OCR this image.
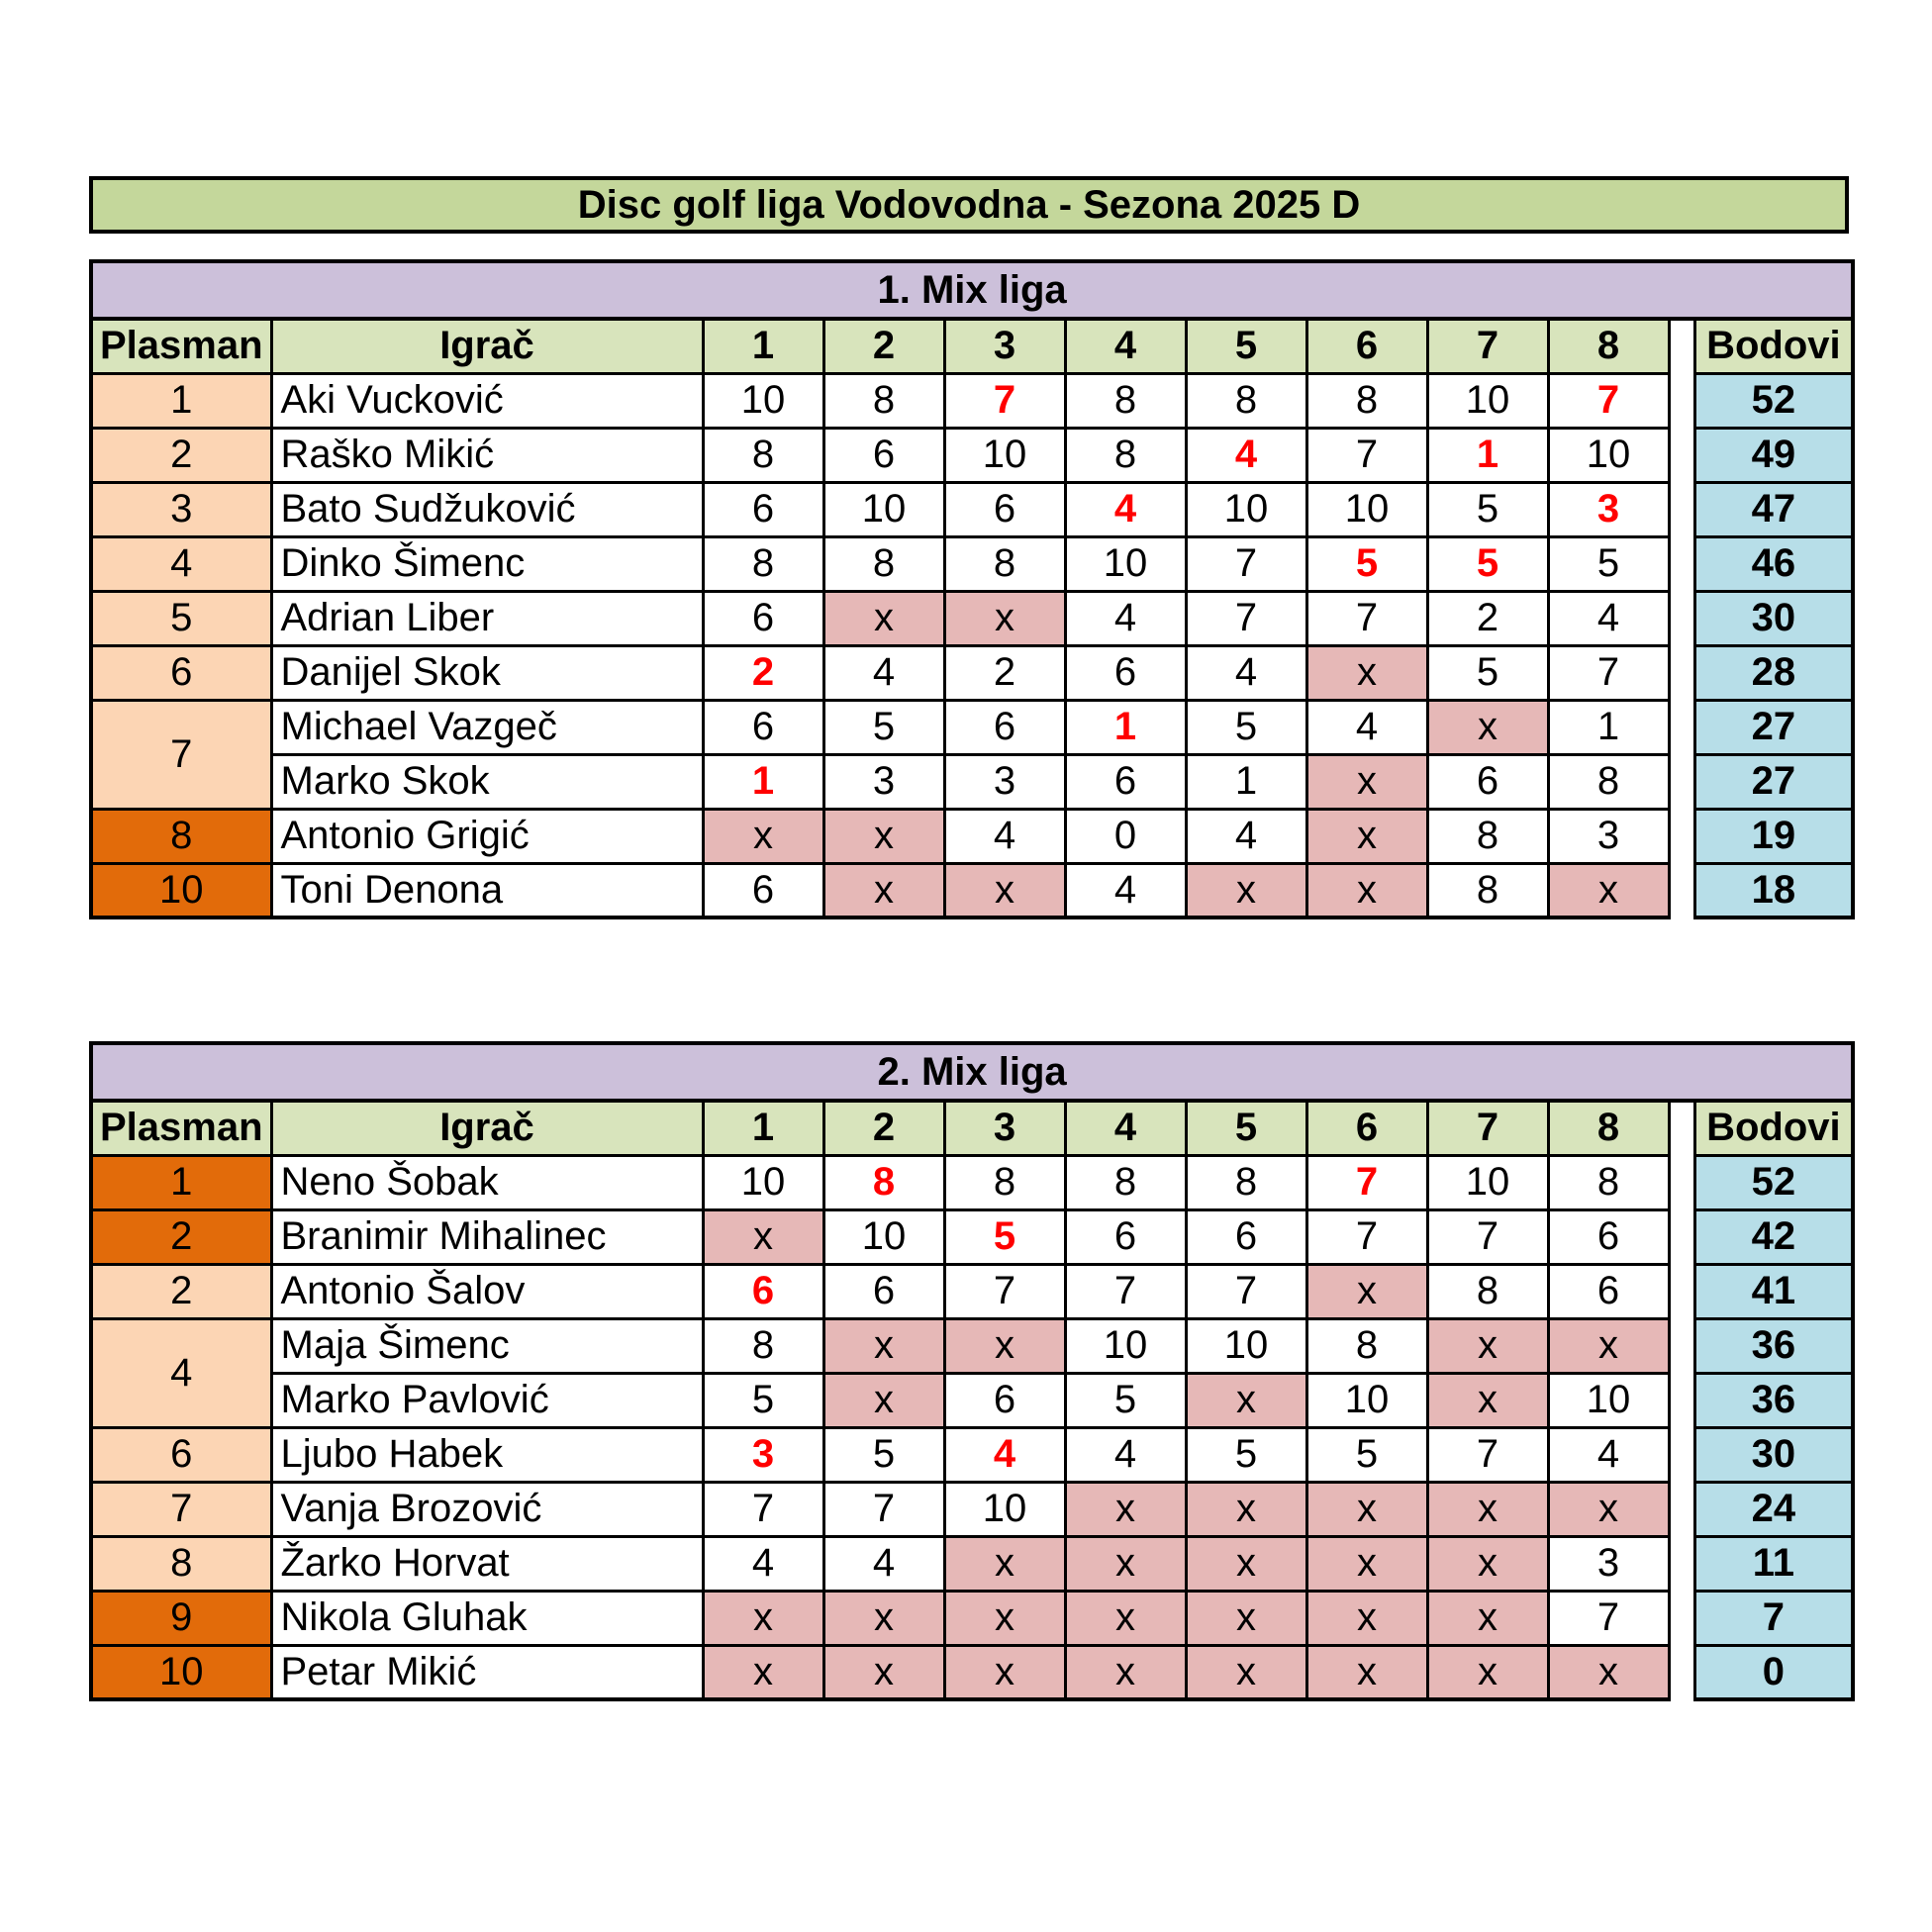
Disc golf liga Vodovodna - Sezona 2025 D
1. Mix liga											
Plasman	Igrač	1	2	3	4	5	6	7	8		Bodovi
1	Aki Vucković	10	8	7	8	8	8	10	7		52
2	Raško Mikić	8	6	10	8	4	7	1	10		49
3	Bato Sudžuković	6	10	6	4	10	10	5	3		47
4	Dinko Šimenc	8	8	8	10	7	5	5	5		46
5	Adrian Liber	6	x	x	4	7	7	2	4		30
6	Danijel Skok	2	4	2	6	4	x	5	7		28
7	Michael Vazgeč	6	5	6	1	5	4	x	1		27
	Marko Skok	1	3	3	6	1	x	6	8		27
8	Antonio Grigić	x	x	4	0	4	x	8	3		19
10	Toni Denona	6	x	x	4	x	x	8	x		18
2. Mix liga											
Plasman	Igrač	1	2	3	4	5	6	7	8		Bodovi
1	Neno Šobak	10	8	8	8	8	7	10	8		52
2	Branimir Mihalinec	x	10	5	6	6	7	7	6		42
2	Antonio Šalov	6	6	7	7	7	x	8	6		41
4	Maja Šimenc	8	x	x	10	10	8	x	x		36
	Marko Pavlović	5	x	6	5	x	10	x	10		36
6	Ljubo Habek	3	5	4	4	5	5	7	4		30
7	Vanja Brozović	7	7	10	x	x	x	x	x		24
8	Žarko Horvat	4	4	x	x	x	x	x	3		11
9	Nikola Gluhak	x	x	x	x	x	x	x	7		7
10	Petar Mikić	x	x	x	x	x	x	x	x		0
